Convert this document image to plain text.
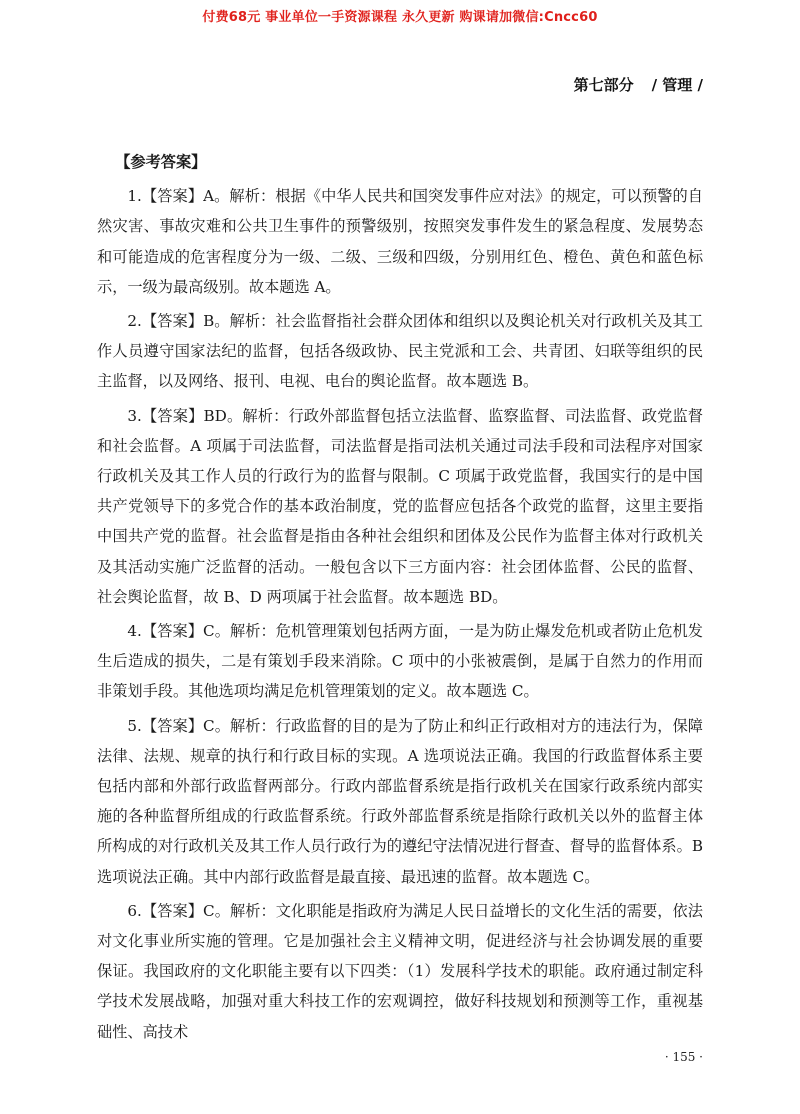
付费68元 事业单位一手资源课程 永久更新 购课请加微信:Cncc60
第七部分 / 管理 /

【参考答案】

1.【答案】A。解析：根据《中华人民共和国突发事件应对法》的规定，可以预警的自然灾害、事故灾难和公共卫生事件的预警级别，按照突发事件发生的紧急程度、发展势态和可能造成的危害程度分为一级、二级、三级和四级，分别用红色、橙色、黄色和蓝色标示，一级为最高级别。故本题选 A。

2.【答案】B。解析：社会监督指社会群众团体和组织以及舆论机关对行政机关及其工作人员遵守国家法纪的监督，包括各级政协、民主党派和工会、共青团、妇联等组织的民主监督，以及网络、报刊、电视、电台的舆论监督。故本题选 B。

3.【答案】BD。解析：行政外部监督包括立法监督、监察监督、司法监督、政党监督和社会监督。A 项属于司法监督，司法监督是指司法机关通过司法手段和司法程序对国家行政机关及其工作人员的行政行为的监督与限制。C 项属于政党监督，我国实行的是中国共产党领导下的多党合作的基本政治制度，党的监督应包括各个政党的监督，这里主要指中国共产党的监督。社会监督是指由各种社会组织和团体及公民作为监督主体对行政机关及其活动实施广泛监督的活动。一般包含以下三方面内容：社会团体监督、公民的监督、社会舆论监督，故 B、D 两项属于社会监督。故本题选 BD。

4.【答案】C。解析：危机管理策划包括两方面，一是为防止爆发危机或者防止危机发生后造成的损失，二是有策划手段来消除。C 项中的小张被震倒，是属于自然力的作用而非策划手段。其他选项均满足危机管理策划的定义。故本题选 C。

5.【答案】C。解析：行政监督的目的是为了防止和纠正行政相对方的违法行为，保障法律、法规、规章的执行和行政目标的实现。A 选项说法正确。我国的行政监督体系主要包括内部和外部行政监督两部分。行政内部监督系统是指行政机关在国家行政系统内部实施的各种监督所组成的行政监督系统。行政外部监督系统是指除行政机关以外的监督主体所构成的对行政机关及其工作人员行政行为的遵纪守法情况进行督查、督导的监督体系。B 选项说法正确。其中内部行政监督是最直接、最迅速的监督。故本题选 C。

6.【答案】C。解析：文化职能是指政府为满足人民日益增长的文化生活的需要，依法对文化事业所实施的管理。它是加强社会主义精神文明，促进经济与社会协调发展的重要保证。我国政府的文化职能主要有以下四类：（1）发展科学技术的职能。政府通过制定科学技术发展战略，加强对重大科技工作的宏观调控，做好科技规划和预测等工作，重视基础性、高技术

· 155 ·
